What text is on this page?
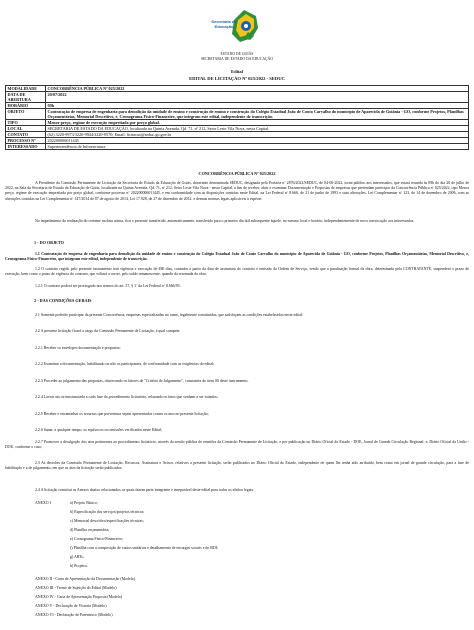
Secretaria de
Educação
ESTADO DE GOIÁS
SECRETARIA DE ESTADO DA EDUCAÇÃO
Edital
EDITAL DE LICITAÇÃO Nº 025/2022 - SEDUC
MODALIDADE	CONCORRÊNCIA PÚBLICA Nº 025/2022
DATA DE ABERTURA	20/07/2022
HORÁRIO	09h
OBJETO	Contratação de empresa de engenharia para demolição da unidade de ensino e construção de ensino e construção do Colégio Estadual João de Couto Carvalho do município de Aparecida de Goiânia - GO, conforme Projetos, Planilhas Orçamentárias, Memorial Descritivo, e, Cronograma Físico-Financeiro, que integram este edital, independente de transcrição.
TIPO	Menor preço, regime de execução empreitada por preço global.
LOCAL	SECRETARIA DE ESTADO DA EDUCAÇÃO, localizada na Quinta Avenida, Qd. 71, nº 212, Setor Leste Vila Nova, nesta Capital.
CONTATO	(62) 3220-9973/3220-9944/3220-9570; Email: licitacao@seduc.go.gov.br
PROCESSO Nº	202200006011445
INTERESSADO	Superintendência de Infraestrutura
CONCORRÊNCIA PÚBLICA Nº 025/2022
A Presidente da Comissão Permanente de Licitação da Secretaria de Estado da Educação de Goiás, doravante denominada SEDUC, designada pela Portaria nº 2876/2022/SEDUC, de 04-06-2022, torna público aos interessados, que estará reunida às 09h do dia 20 de julho de 2022, na Sala da Secretaria de Estado da Educação de Goiás, localizada na Quinta Avenida, Qd. 71, nº 212, Setor Leste Vila Nova - nesta Capital, a fim de receber, abrir e examinar Documentação e Propostas de empresas que pretendam participar da Concorrência Pública nº 025/2022, tipo Menor preço, regime de execução empreitada por preço global, conforme processo nº 202200006011445, e em conformidade com as disposições contidas neste Edital, na Lei Federal nº 8.666, de 21 de junho de 1993 e suas alterações, Lei Complementar nº 123, de 14 de dezembro de 2006, com as alterações contidas na Lei Complementar nº 147/2014 de 07 de agosto de 2014, Lei 17.928, de 27 de dezembro de 2012, e demais normas legais aplicáveis à espécie.
No impedimento da realização do certame na data acima, fica o presente transferido, automaticamente, transferido para o primeiro dia útil subsequente àquele, no mesmo local e horário, independentemente de nova convocação aos interessados.
1 - DO OBJETO
1.1 Contratação de empresa de engenharia para demolição da unidade de ensino e construção do Colégio Estadual João de Couto Carvalho do município de Aparecida de Goiânia - GO, conforme Projetos, Planilhas Orçamentárias, Memorial Descritivo, e, Cronograma Físico-Financeiro, que integram este edital, independente de transcrição.
1.2 O contrato regido pelo presente instrumento terá vigência e execução de 480 dias, contados a partir da data de assinatura do contrato e emissão da Ordem de Serviço, sendo que a paralisação formal da obra, determinada pela CONTRATANTE, suspenderá o prazo de execução, bem como o prazo de vigência do contrato, que voltará a correr, pelo saldo remanescente, quando da retomada da obra.
1.2.1 O contrato poderá ser prorrogado nos termos do art. 57, § 1º da Lei Federal nº 8.666/93.
2 - DAS CONDIÇÕES GERAIS
2.1 Somente poderão participar da presente Concorrência, empresas especializadas no ramo, legalmente constituídas, que satisfaçam as condições estabelecidas neste edital.
2.2 A presente licitação ficará a cargo da Comissão Permanente de Licitação, à qual compete:
2.2.1 Receber os envelopes documentação e propostas;
2.2.2 Examinar a documentação, habilitando ou não os participantes, de conformidade com as exigências do edital;
2.2.3 Proceder ao julgamento das propostas, observando os fatores de "Critério de Julgamento", constantes do item 08 deste instrumento;
2.2.4 Lavrar ata circunstanciada a cada fase do procedimento licitatório, relatando os fatos que venham a ser tratados;
2.2.5 Receber e encaminhar os recursos que porventura sejam apresentados contra os atos no presente licitação;
2.2.6 Sanar, a qualquer tempo, os equívocos ou omissões verificados neste Edital;
2.2.7 Promover a divulgação dos atos pertinentes ao procedimento licitatório, através da sessão pública de reuniões da Comissão Permanente de Licitação, e por publicação no Diário Oficial do Estado - DOE, Jornal de Grande Circulação Regional, e, Diário Oficial da União - DOU, conforme o caso;
2.3 As decisões da Comissão Permanente de Licitação, Recursos, Assinatura e Avisos, relativos a presente licitação, serão publicados no Diário Oficial do Estado, independente de quem lhe tenha sido atribuído, bem como em jornal de grande circulação, para a fase de habilitação e a de julgamento, em que os atos da licitação serão publicados.
2.4 A licitação constitui os Anexos abaixo relacionados os quais fazem parte integrante e inseparável deste edital para todos os efeitos legais:
ANEXO I	a) Projeto Básico;
b) Especificação dos serviços/projetos técnicos;
c) Memorial descritivo/especificações técnicas;
d) Planilha orçamentária;
e) Cronograma Físico-Financeiro;
f) Planilha com a composição de custos unitários e detalhamento de encargos sociais e do BDI;
g) ARTs;
h) Projetos.
ANEXO II - Carta de Apresentação da Documentação (Modelo)
ANEXO III - Termo de Sujeição do Edital (Modelo)
ANEXO IV - Carta de Apresentação Proposta (Modelo)
ANEXO V - Declaração de Vistoria (Modelo)
ANEXO VI - Declaração de Parentesco (Modelo)
